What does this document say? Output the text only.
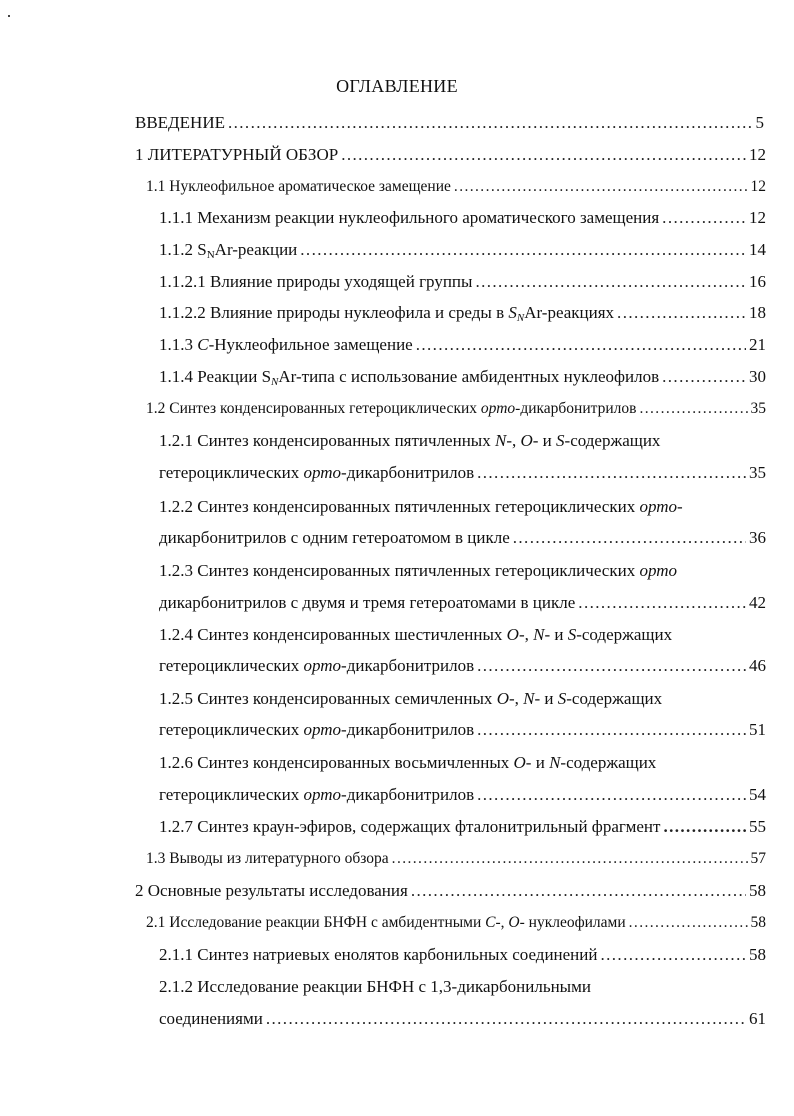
ОГЛАВЛЕНИЕ
ВВЕДЕНИЕ .....	5
1 ЛИТЕРАТУРНЫЙ ОБЗОР .....	12
1.1 Нуклеофильное ароматическое замещение .....	12
1.1.1 Механизм реакции нуклеофильного ароматического замещения .....	12
1.1.2 $S_NAr$-реакции .....	14
1.1.2.1 Влияние природы уходящей группы .....	16
1.1.2.2 Влияние природы нуклеофила и среды в $S_NAr$-реакциях .....	18
1.1.3 C-Нуклеофильное замещение .....	21
1.1.4 Реакции $S_NAr$-типа с использование амбидентных нуклеофилов .....	30
1.2 Синтез конденсированных гетероциклических орто-дикарбонитрилов .....	35
1.2.1 Синтез конденсированных пятичленных N-, O- и S-содержащих
гетероциклических орто-дикарбонитрилов .....	35
1.2.2 Синтез конденсированных пятичленных гетероциклических орто-
дикарбонитрилов с одним гетероатомом в цикле .....	36
1.2.3 Синтез конденсированных пятичленных гетероциклических орто
дикарбонитрилов с двумя и тремя гетероатомами в цикле .....	42
1.2.4 Синтез конденсированных шестичленных O-, N- и S-содержащих
гетероциклических орто-дикарбонитрилов .....	46
1.2.5 Синтез конденсированных семичленных O-, N- и S-содержащих
гетероциклических орто-дикарбонитрилов .....	51
1.2.6 Синтез конденсированных восьмичленных O- и N-содержащих
гетероциклических орто-дикарбонитрилов .....	54
1.2.7 Синтез краун-эфиров, содержащих фталонитрильный фрагмент .....	55
1.3 Выводы из литературного обзора .....	57
2 Основные результаты исследования .....	58
2.1 Исследование реакции БНФН с амбидентными C-, O- нуклеофилами .....	58
2.1.1 Синтез натриевых енолятов карбонильных соединений .....	58
2.1.2 Исследование реакции БНФН с 1,3-дикарбонильными
соединениями .....	61
